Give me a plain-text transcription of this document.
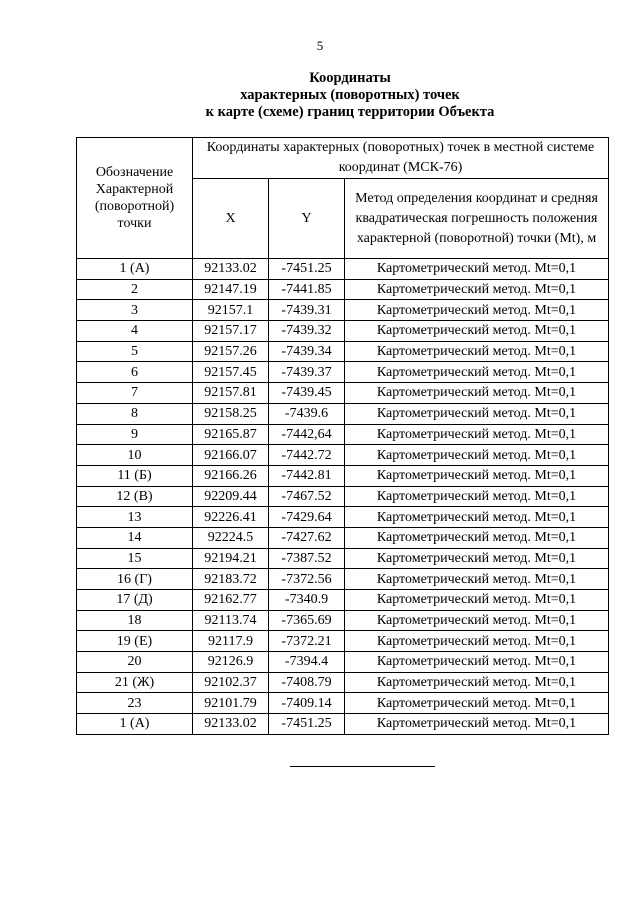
5
Координаты
характерных (поворотных) точек
к карте (схеме) границ территории Объекта
Обозначение Характерной (поворотной) точки	Координаты характерных (поворотных) точек в местной системе координат (МСК-76)		
	X	Y	Метод определения координат и средняя квадратическая погрешность положения характерной (поворотной) точки (Mt), м
1 (А)	92133.02	-7451.25	Картометрический метод. Mt=0,1
2	92147.19	-7441.85	Картометрический метод. Mt=0,1
3	92157.1	-7439.31	Картометрический метод. Mt=0,1
4	92157.17	-7439.32	Картометрический метод. Mt=0,1
5	92157.26	-7439.34	Картометрический метод. Mt=0,1
6	92157.45	-7439.37	Картометрический метод. Mt=0,1
7	92157.81	-7439.45	Картометрический метод. Mt=0,1
8	92158.25	-7439.6	Картометрический метод. Mt=0,1
9	92165.87	-7442,64	Картометрический метод. Mt=0,1
10	92166.07	-7442.72	Картометрический метод. Mt=0,1
11 (Б)	92166.26	-7442.81	Картометрический метод. Mt=0,1
12 (В)	92209.44	-7467.52	Картометрический метод. Mt=0,1
13	92226.41	-7429.64	Картометрический метод. Mt=0,1
14	92224.5	-7427.62	Картометрический метод. Mt=0,1
15	92194.21	-7387.52	Картометрический метод. Mt=0,1
16 (Г)	92183.72	-7372.56	Картометрический метод. Mt=0,1
17 (Д)	92162.77	-7340.9	Картометрический метод. Mt=0,1
18	92113.74	-7365.69	Картометрический метод. Mt=0,1
19 (Е)	92117.9	-7372.21	Картометрический метод. Mt=0,1
20	92126.9	-7394.4	Картометрический метод. Mt=0,1
21 (Ж)	92102.37	-7408.79	Картометрический метод. Mt=0,1
23	92101.79	-7409.14	Картометрический метод. Mt=0,1
1 (А)	92133.02	-7451.25	Картометрический метод. Mt=0,1
